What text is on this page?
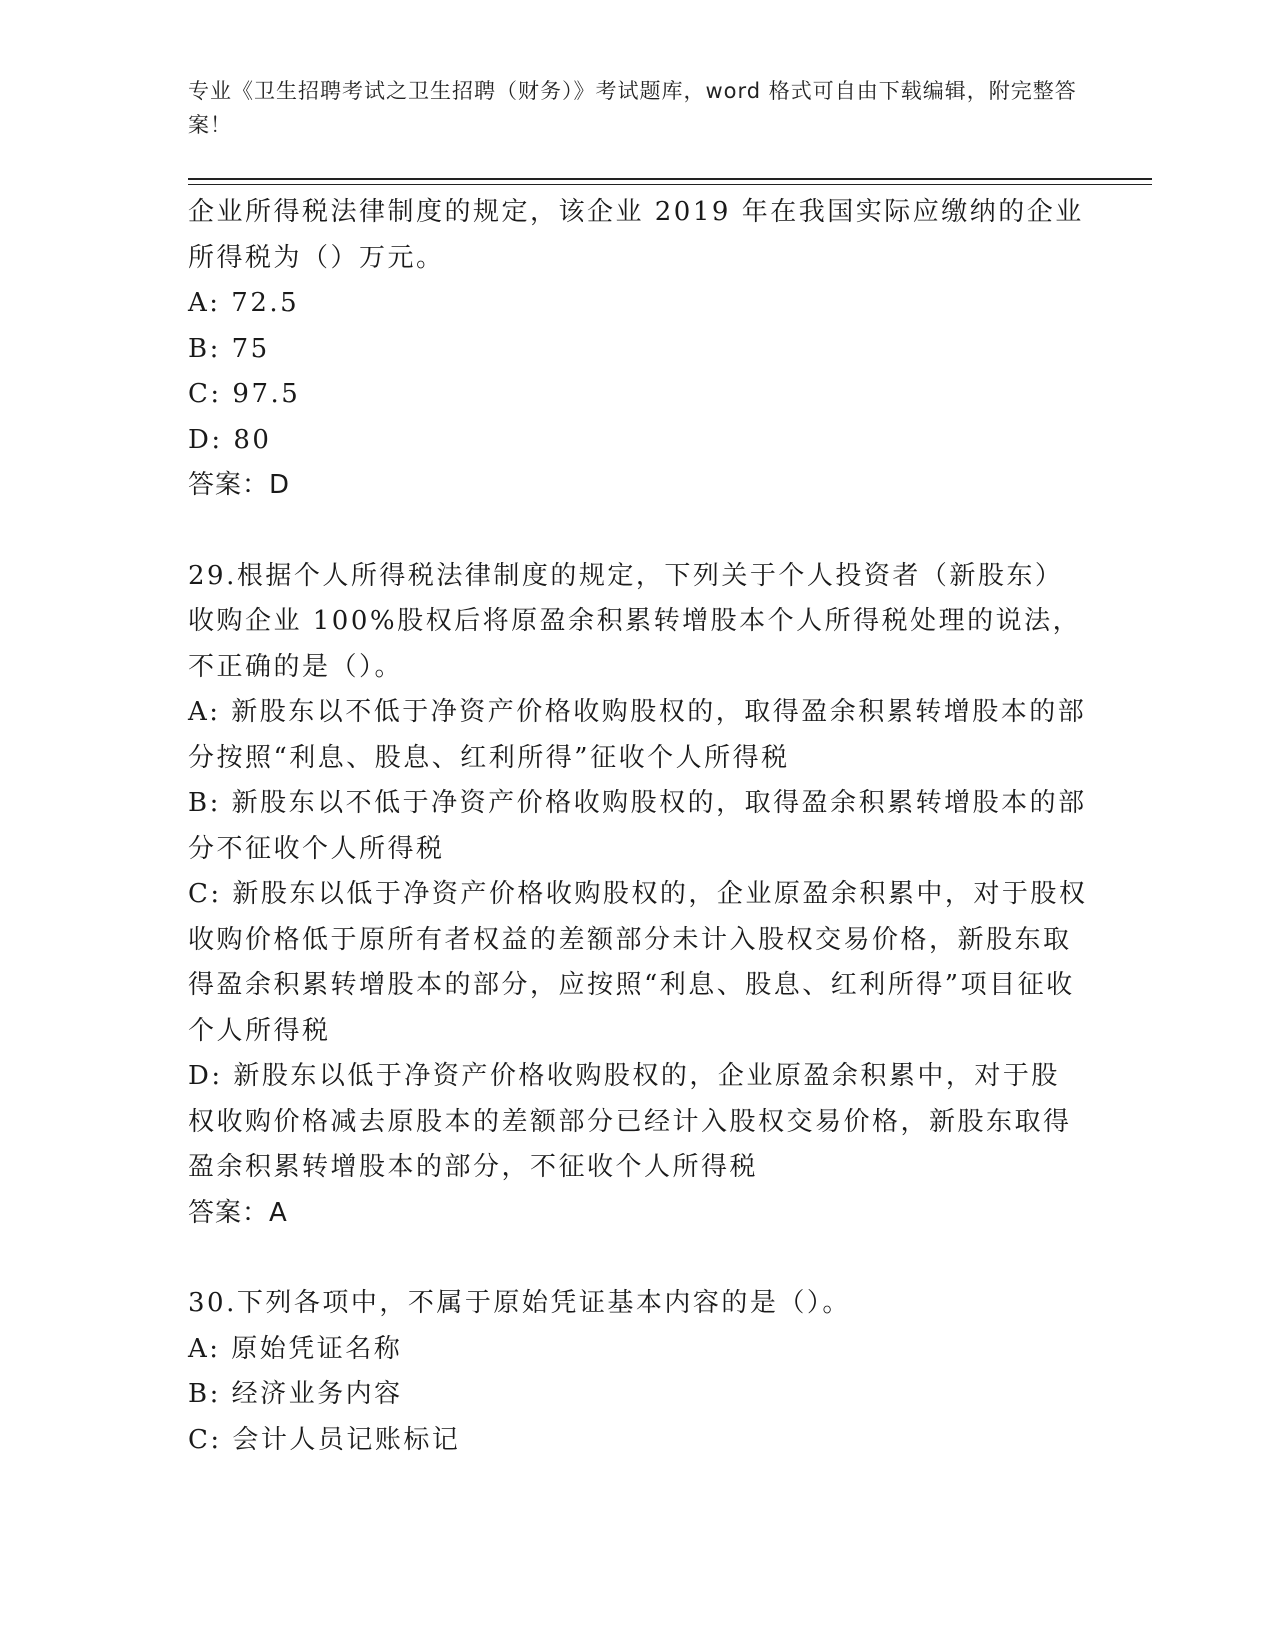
专业《卫生招聘考试之卫生招聘（财务）》考试题库，word 格式可自由下载编辑，附完整答案！

企业所得税法律制度的规定，该企业 2019 年在我国实际应缴纳的企业所得税为（）万元。

A: 72.5

B: 75

C: 97.5

D: 80

答案：D

29.根据个人所得税法律制度的规定，下列关于个人投资者（新股东）收购企业 100%股权后将原盈余积累转增股本个人所得税处理的说法，不正确的是（）。

A: 新股东以不低于净资产价格收购股权的，取得盈余积累转增股本的部分按照“利息、股息、红利所得”征收个人所得税

B: 新股东以不低于净资产价格收购股权的，取得盈余积累转增股本的部分不征收个人所得税

C: 新股东以低于净资产价格收购股权的，企业原盈余积累中，对于股权收购价格低于原所有者权益的差额部分未计入股权交易价格，新股东取得盈余积累转增股本的部分，应按照“利息、股息、红利所得”项目征收个人所得税

D: 新股东以低于净资产价格收购股权的，企业原盈余积累中，对于股权收购价格减去原股本的差额部分已经计入股权交易价格，新股东取得盈余积累转增股本的部分，不征收个人所得税

答案：A

30.下列各项中，不属于原始凭证基本内容的是（）。

A: 原始凭证名称

B: 经济业务内容

C: 会计人员记账标记
